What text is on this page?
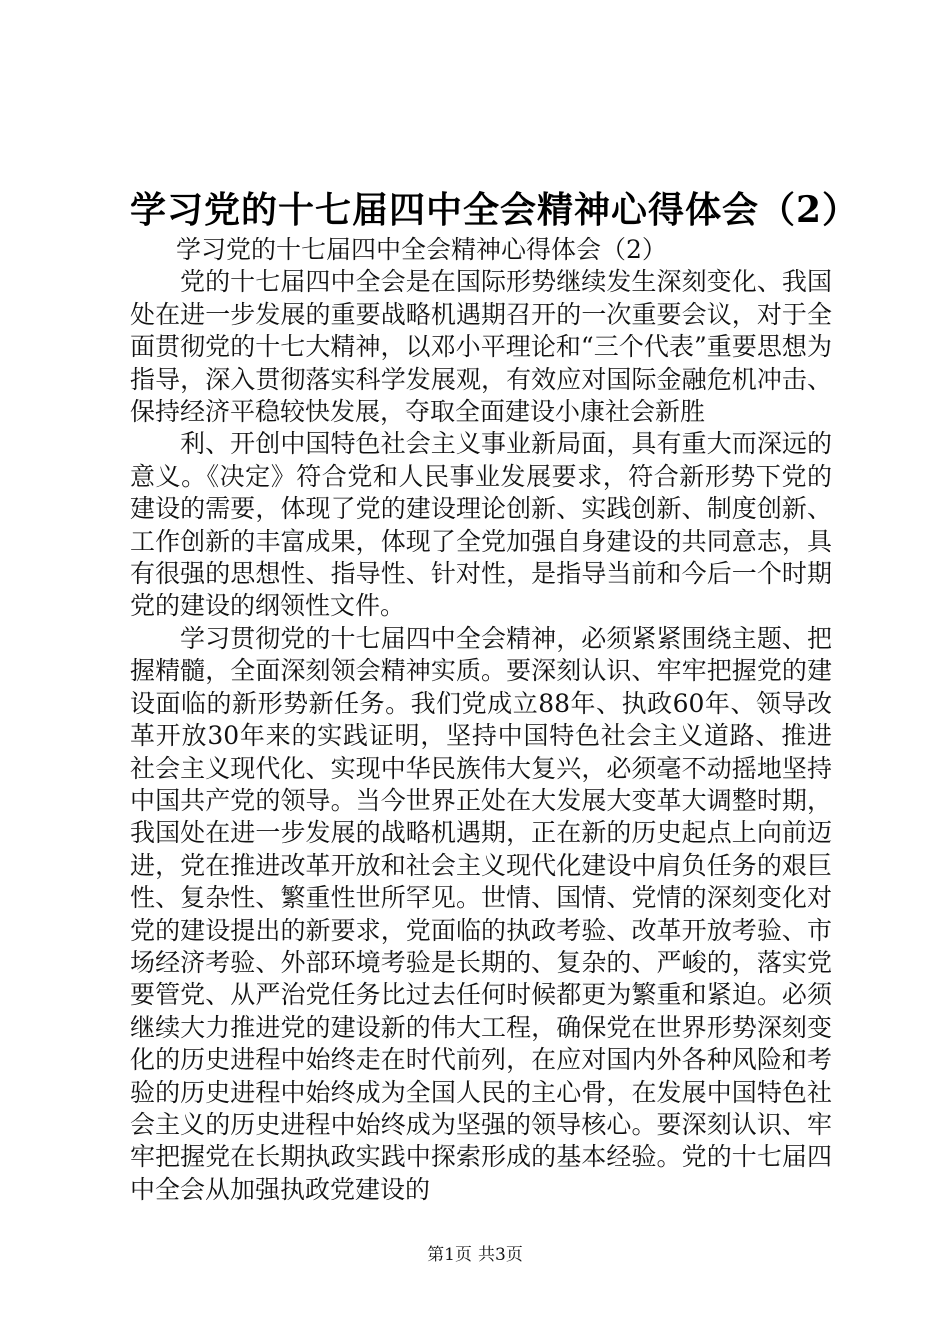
学习党的十七届四中全会精神心得体会（2）

学习党的十七届四中全会精神心得体会（2）

党的十七届四中全会是在国际形势继续发生深刻变化、我国处在进一步发展的重要战略机遇期召开的一次重要会议，对于全面贯彻党的十七大精神，以邓小平理论和“三个代表”重要思想为指导，深入贯彻落实科学发展观，有效应对国际金融危机冲击、保持经济平稳较快发展，夺取全面建设小康社会新胜

利、开创中国特色社会主义事业新局面，具有重大而深远的意义。《决定》符合党和人民事业发展要求，符合新形势下党的建设的需要，体现了党的建设理论创新、实践创新、制度创新、工作创新的丰富成果，体现了全党加强自身建设的共同意志，具有很强的思想性、指导性、针对性，是指导当前和今后一个时期党的建设的纲领性文件。

学习贯彻党的十七届四中全会精神，必须紧紧围绕主题、把握精髓，全面深刻领会精神实质。要深刻认识、牢牢把握党的建设面临的新形势新任务。我们党成立88年、执政60年、领导改革开放30年来的实践证明，坚持中国特色社会主义道路、推进社会主义现代化、实现中华民族伟大复兴，必须毫不动摇地坚持中国共产党的领导。当今世界正处在大发展大变革大调整时期，我国处在进一步发展的战略机遇期，正在新的历史起点上向前迈进，党在推进改革开放和社会主义现代化建设中肩负任务的艰巨性、复杂性、繁重性世所罕见。世情、国情、党情的深刻变化对党的建设提出的新要求，党面临的执政考验、改革开放考验、市场经济考验、外部环境考验是长期的、复杂的、严峻的，落实党要管党、从严治党任务比过去任何时候都更为繁重和紧迫。必须继续大力推进党的建设新的伟大工程，确保党在世界形势深刻变化的历史进程中始终走在时代前列，在应对国内外各种风险和考验的历史进程中始终成为全国人民的主心骨，在发展中国特色社会主义的历史进程中始终成为坚强的领导核心。要深刻认识、牢牢把握党在长期执政实践中探索形成的基本经验。党的十七届四中全会从加强执政党建设的

第1页 共3页
